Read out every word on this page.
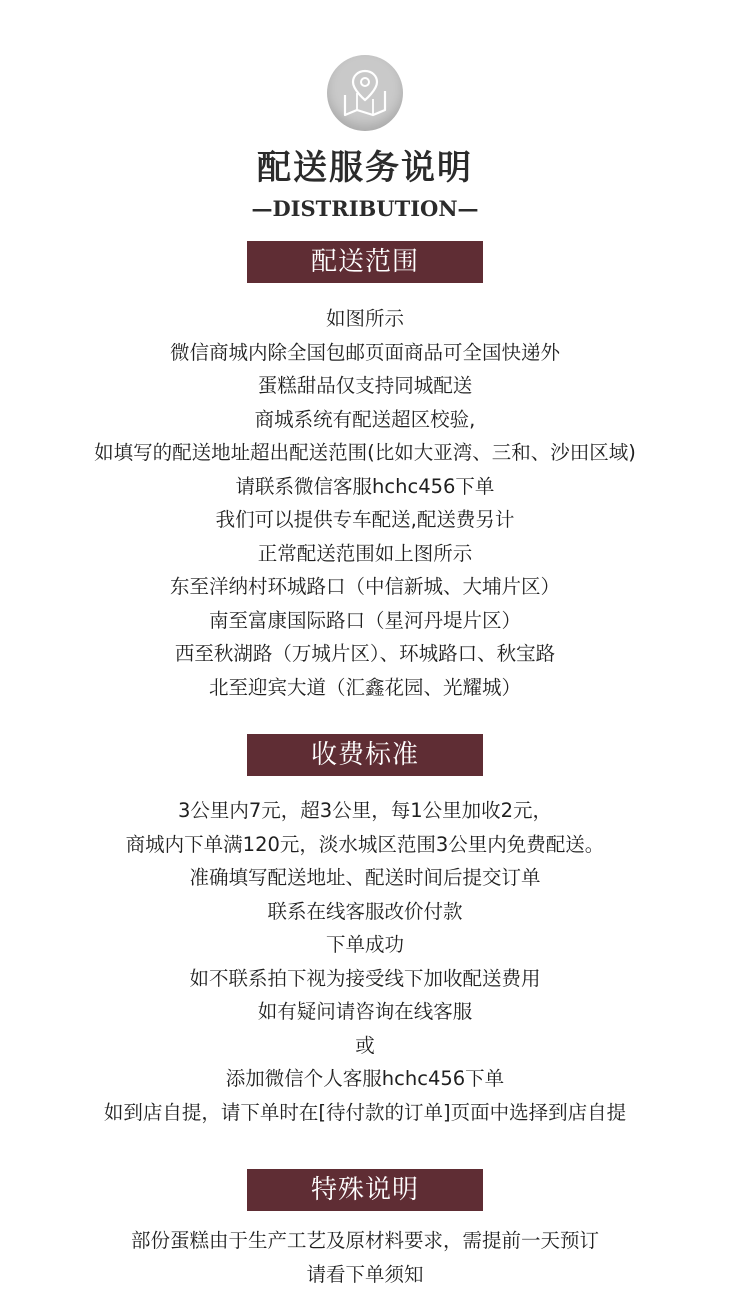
配送服务说明
—DISTRIBUTION—
配送范围
如图所示
微信商城内除全国包邮页面商品可全国快递外
蛋糕甜品仅支持同城配送
商城系统有配送超区校验,
如填写的配送地址超出配送范围(比如大亚湾、三和、沙田区域)
请联系微信客服hchc456下单
我们可以提供专车配送,配送费另计
正常配送范围如上图所示
东至洋纳村环城路口（中信新城、大埔片区）
南至富康国际路口（星河丹堤片区）
西至秋湖路（万城片区）、环城路口、秋宝路
北至迎宾大道（汇鑫花园、光耀城）
收费标准
3公里内7元，超3公里，每1公里加收2元，
商城内下单满120元，淡水城区范围3公里内免费配送。
准确填写配送地址、配送时间后提交订单
联系在线客服改价付款
下单成功
如不联系拍下视为接受线下加收配送费用
如有疑问请咨询在线客服
或
添加微信个人客服hchc456下单
如到店自提，请下单时在[待付款的订单]页面中选择到店自提
特殊说明
部份蛋糕由于生产工艺及原材料要求，需提前一天预订
请看下单须知
